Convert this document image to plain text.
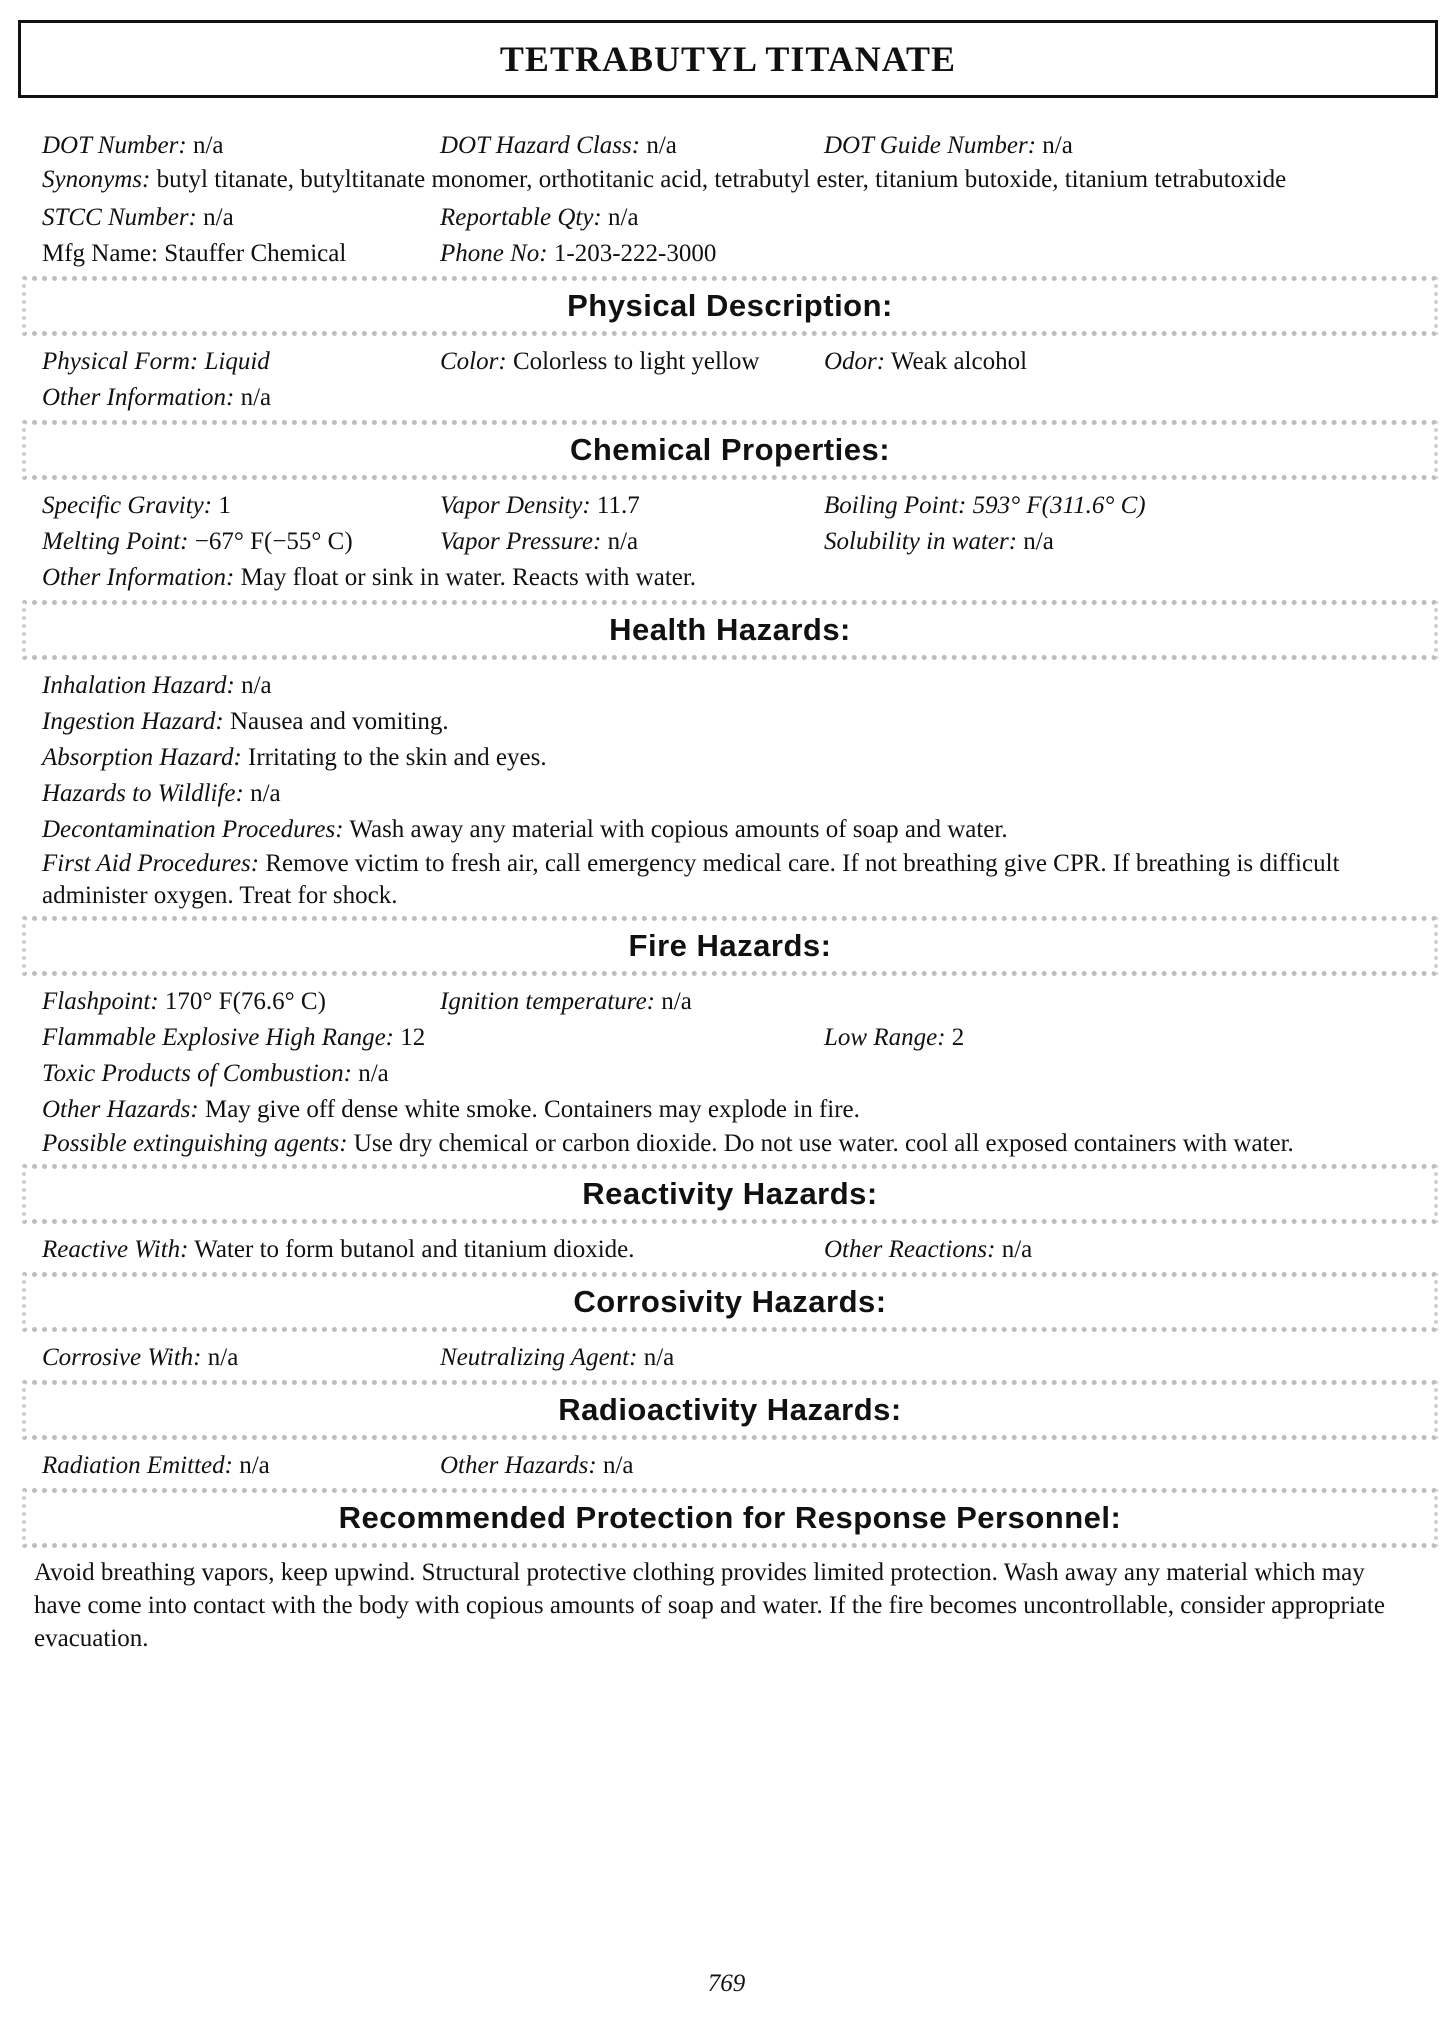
TETRABUTYL TITANATE
DOT Number: n/a	DOT Hazard Class: n/a	DOT Guide Number: n/a
Synonyms: butyl titanate, butyltitanate monomer, orthotitanic acid, tetrabutyl ester, titanium butoxide, titanium tetrabutoxide
STCC Number: n/a	Reportable Qty: n/a
Mfg Name: Stauffer Chemical	Phone No: 1-203-222-3000
Physical Description:
Physical Form: Liquid	Color: Colorless to light yellow	Odor: Weak alcohol
Other Information: n/a
Chemical Properties:
Specific Gravity: 1	Vapor Density: 11.7	Boiling Point: 593° F(311.6° C)
Melting Point: −67° F(−55° C)	Vapor Pressure: n/a	Solubility in water: n/a
Other Information: May float or sink in water. Reacts with water.
Health Hazards:
Inhalation Hazard: n/a
Ingestion Hazard: Nausea and vomiting.
Absorption Hazard: Irritating to the skin and eyes.
Hazards to Wildlife: n/a
Decontamination Procedures: Wash away any material with copious amounts of soap and water.
First Aid Procedures: Remove victim to fresh air, call emergency medical care. If not breathing give CPR. If breathing is difficult administer oxygen. Treat for shock.
Fire Hazards:
Flashpoint: 170° F(76.6° C)	Ignition temperature: n/a
Flammable Explosive High Range: 12	Low Range: 2
Toxic Products of Combustion: n/a
Other Hazards: May give off dense white smoke. Containers may explode in fire.
Possible extinguishing agents: Use dry chemical or carbon dioxide. Do not use water. cool all exposed containers with water.
Reactivity Hazards:
Reactive With: Water to form butanol and titanium dioxide.	Other Reactions: n/a
Corrosivity Hazards:
Corrosive With: n/a	Neutralizing Agent: n/a
Radioactivity Hazards:
Radiation Emitted: n/a	Other Hazards: n/a
Recommended Protection for Response Personnel:
Avoid breathing vapors, keep upwind. Structural protective clothing provides limited protection. Wash away any material which may have come into contact with the body with copious amounts of soap and water. If the fire becomes uncontrollable, consider appropriate evacuation.
769
